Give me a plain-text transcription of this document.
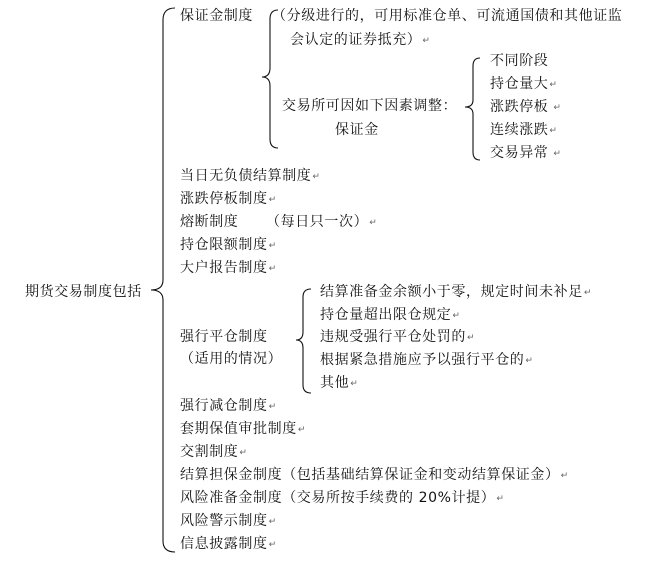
期货交易制度包括
保证金制度 （分级进行的，可用标准仓单、可流通国债和其他证监
会认定的证券抵充）↵
交易所可因如下因素调整：
保证金
不同阶段
持仓量大↵
涨跌停板 ↵
连续涨跌↵
交易异常 ↵
当日无负债结算制度↵
涨跌停板制度↵
熔断制度 （每日只一次）↵
持仓限额制度↵
大户报告制度↵
强行平仓制度
（适用的情况）
结算准备金余额小于零，规定时间未补足↵
持仓量超出限仓规定↵
违规受强行平仓处罚的↵
根据紧急措施应予以强行平仓的↵
其他↵
强行减仓制度↵
套期保值审批制度↵
交割制度↵
结算担保金制度（包括基础结算保证金和变动结算保证金）↵
风险准备金制度（交易所按手续费的 20%计提）↵
风险警示制度↵
信息披露制度↵
